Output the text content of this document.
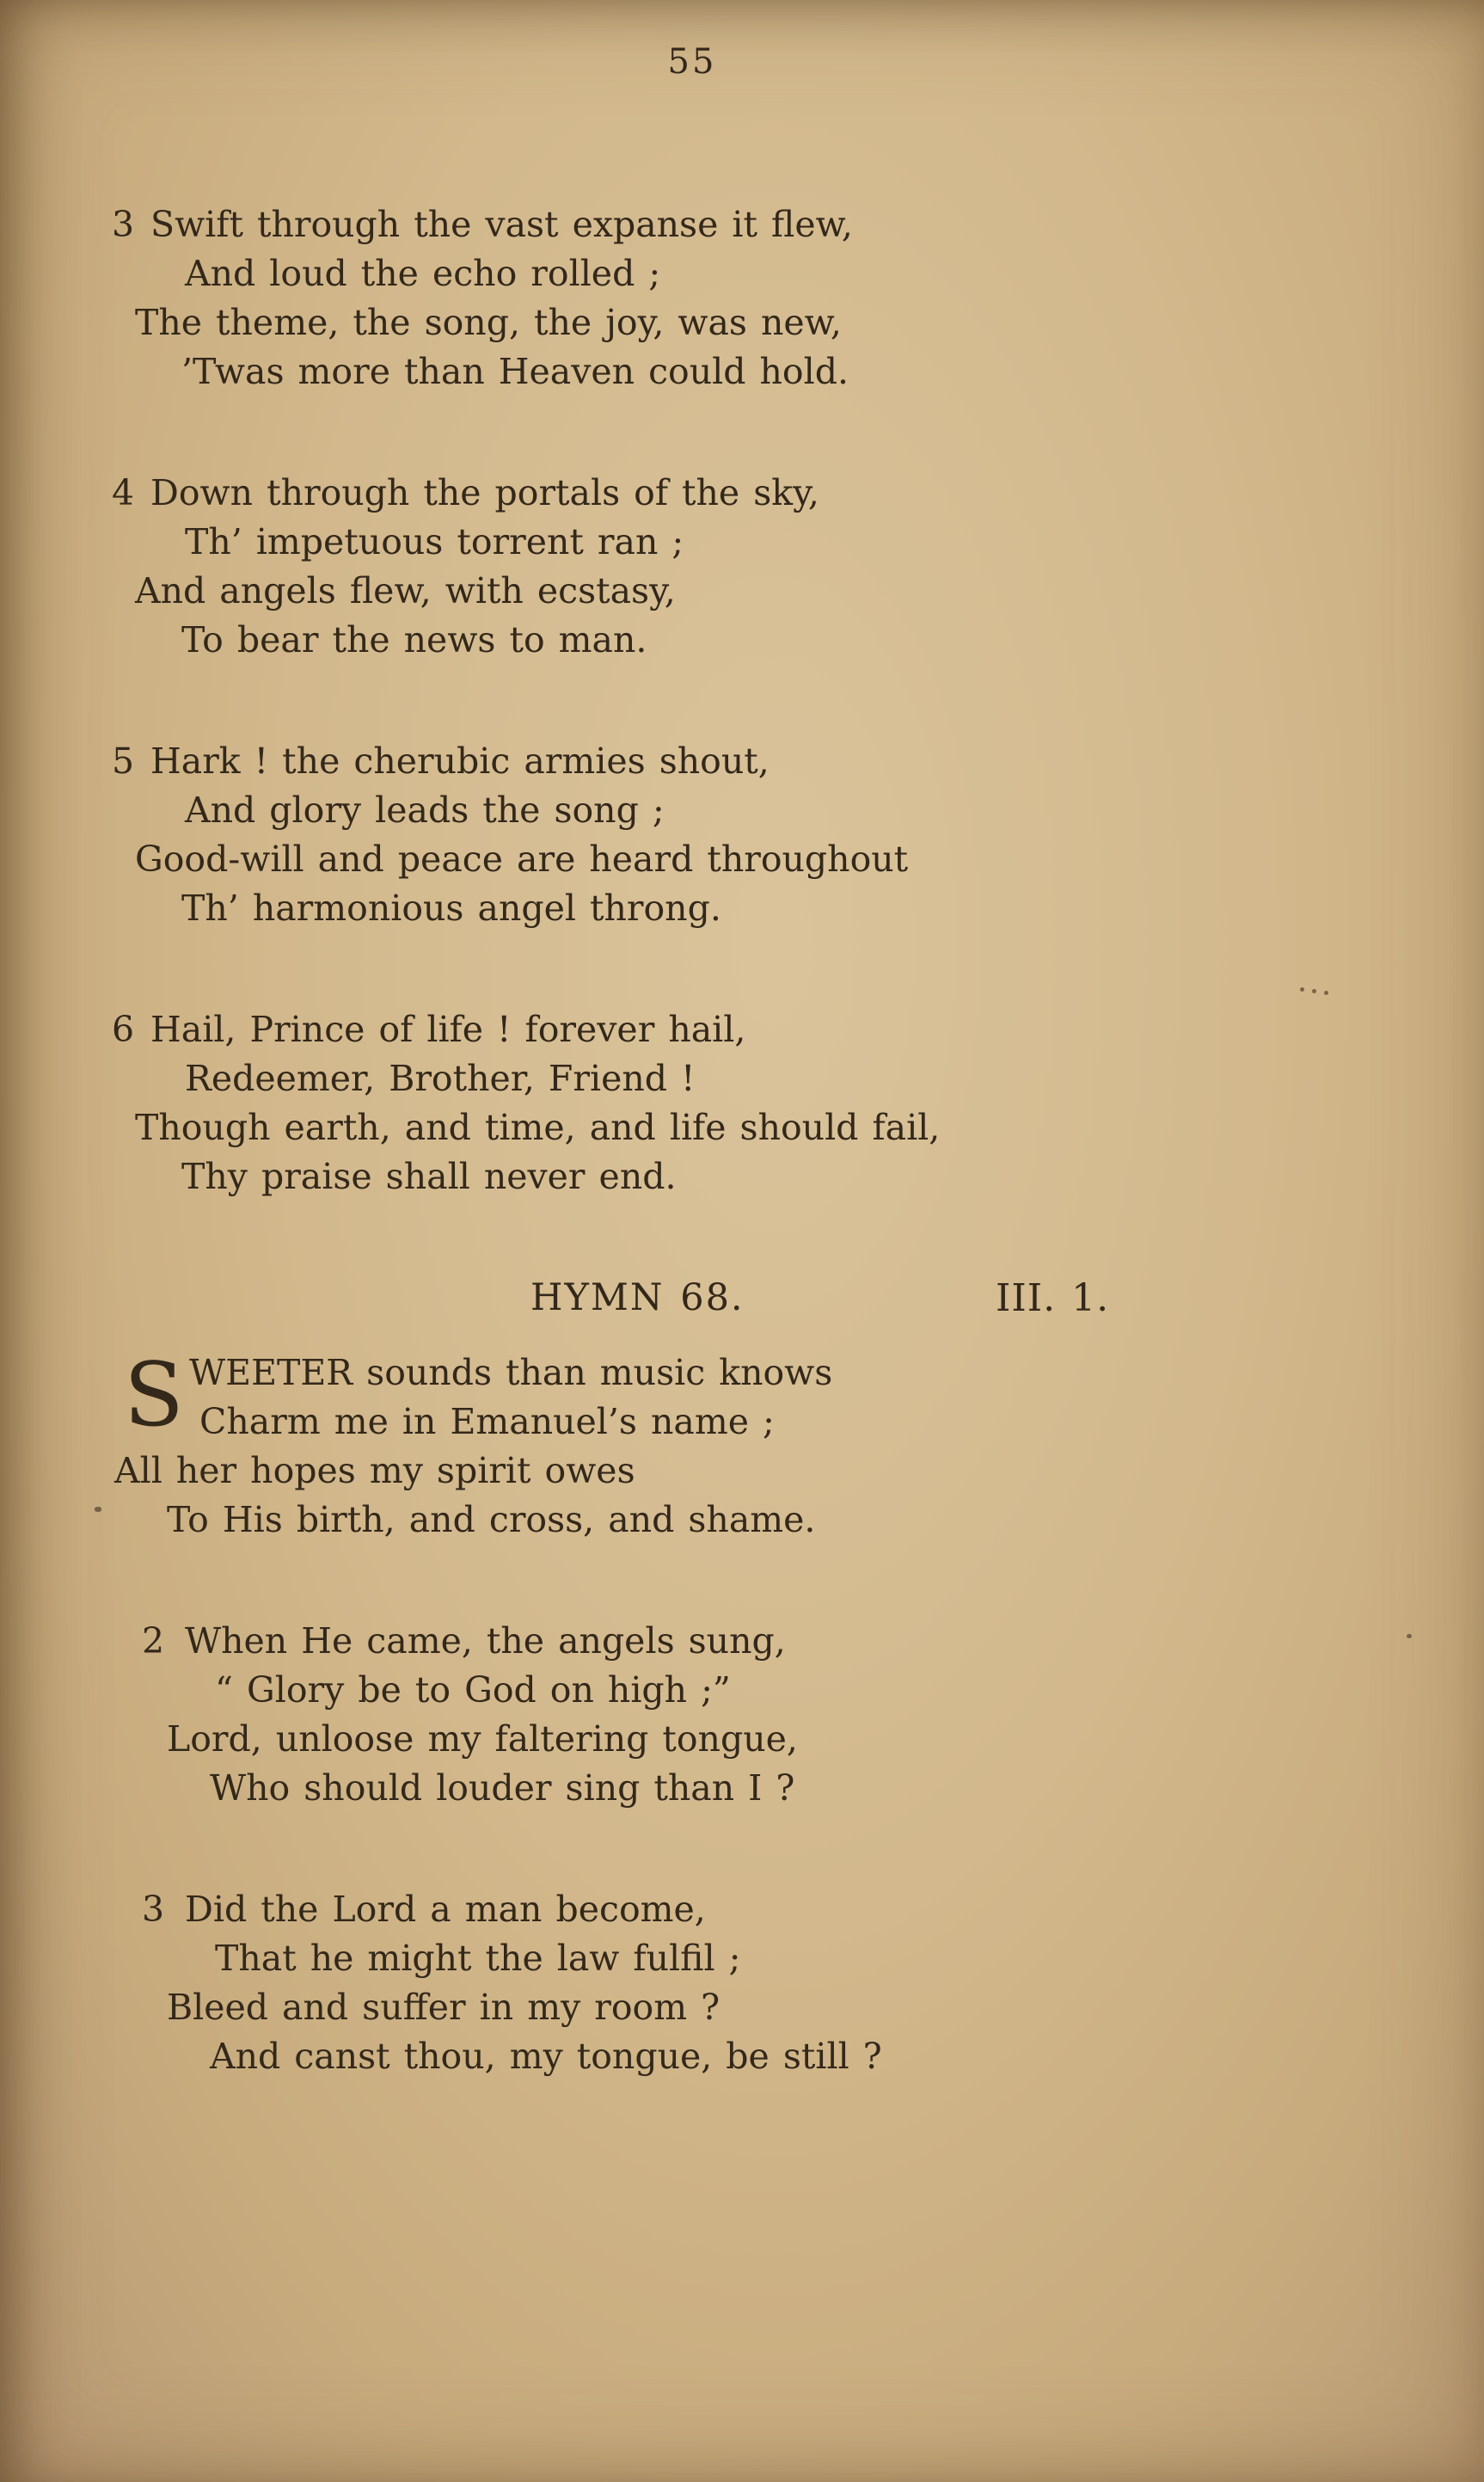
55
3 Swift through the vast expanse it flew,
And loud the echo rolled ;
The theme, the song, the joy, was new,
’Twas more than Heaven could hold.
4 Down through the portals of the sky,
Th’ impetuous torrent ran ;
And angels flew, with ecstasy,
To bear the news to man.
5 Hark ! the cherubic armies shout,
And glory leads the song ;
Good-will and peace are heard throughout
Th’ harmonious angel throng.
6 Hail, Prince of life ! forever hail,
Redeemer, Brother, Friend !
Though earth, and time, and life should fail,
Thy praise shall never end.
HYMN 68.	III. 1.
S WEETER sounds than music knows
Charm me in Emanuel’s name ;
All her hopes my spirit owes
To His birth, and cross, and shame.
2 When He came, the angels sung,
“ Glory be to God on high ;”
Lord, unloose my faltering tongue,
Who should louder sing than I ?
3 Did the Lord a man become,
That he might the law fulfil ;
Bleed and suffer in my room ?
And canst thou, my tongue, be still ?
